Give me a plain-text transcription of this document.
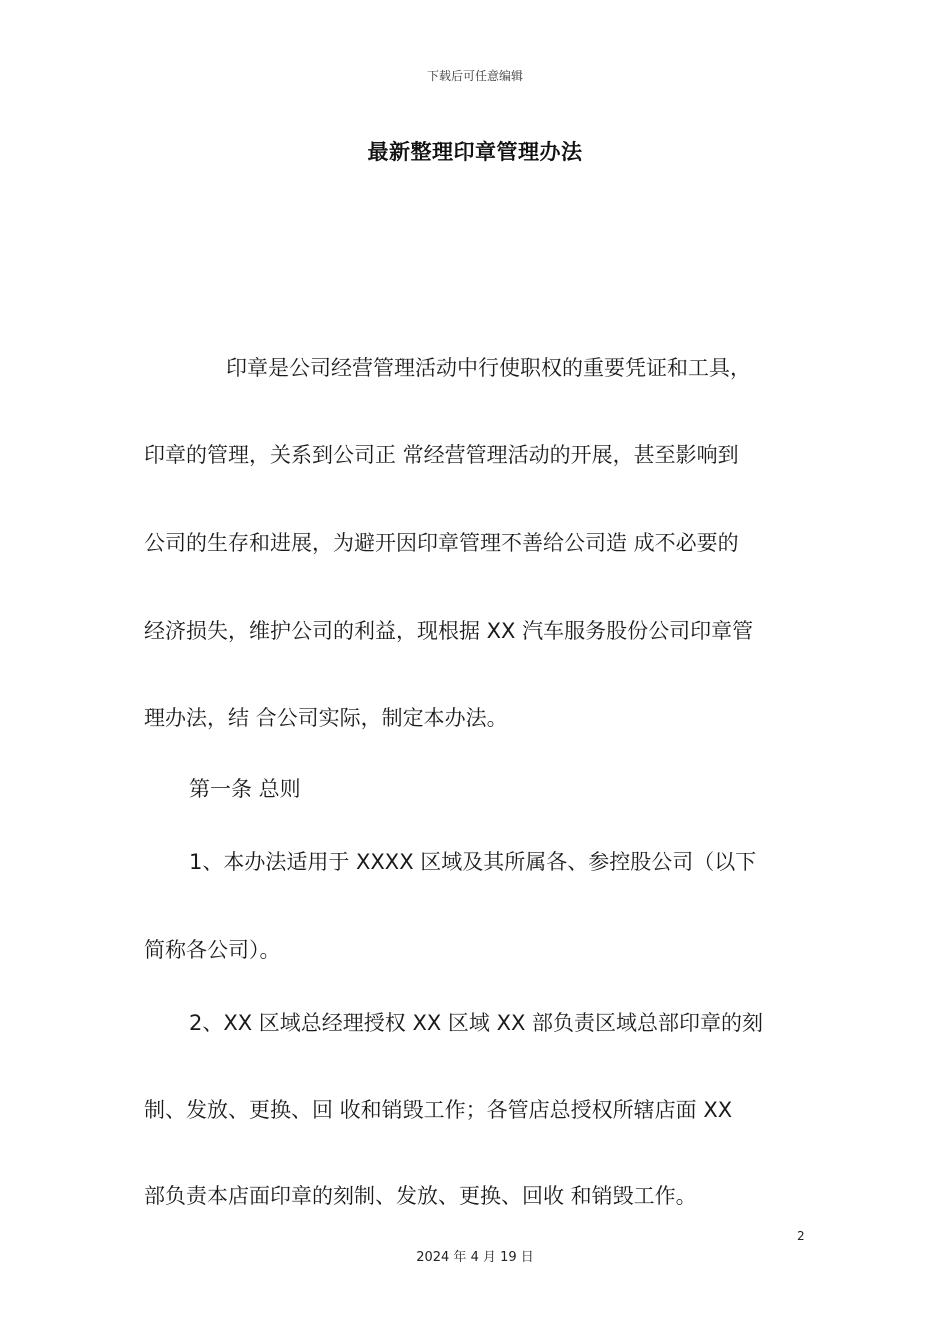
下载后可任意编辑
最新整理印章管理办法
印章是公司经营管理活动中行使职权的重要凭证和工具，
印章的管理，关系到公司正 常经营管理活动的开展，甚至影响到
公司的生存和进展，为避开因印章管理不善给公司造 成不必要的
经济损失，维护公司的利益，现根据 XX 汽车服务股份公司印章管
理办法，结 合公司实际，制定本办法。
第一条 总则
1、本办法适用于 XXXX 区域及其所属各、参控股公司（以下
简称各公司）。
2、XX 区域总经理授权 XX 区域 XX 部负责区域总部印章的刻
制、发放、更换、回 收和销毁工作；各管店总授权所辖店面 XX
部负责本店面印章的刻制、发放、更换、回收 和销毁工作。
2
2024 年 4 月 19 日
